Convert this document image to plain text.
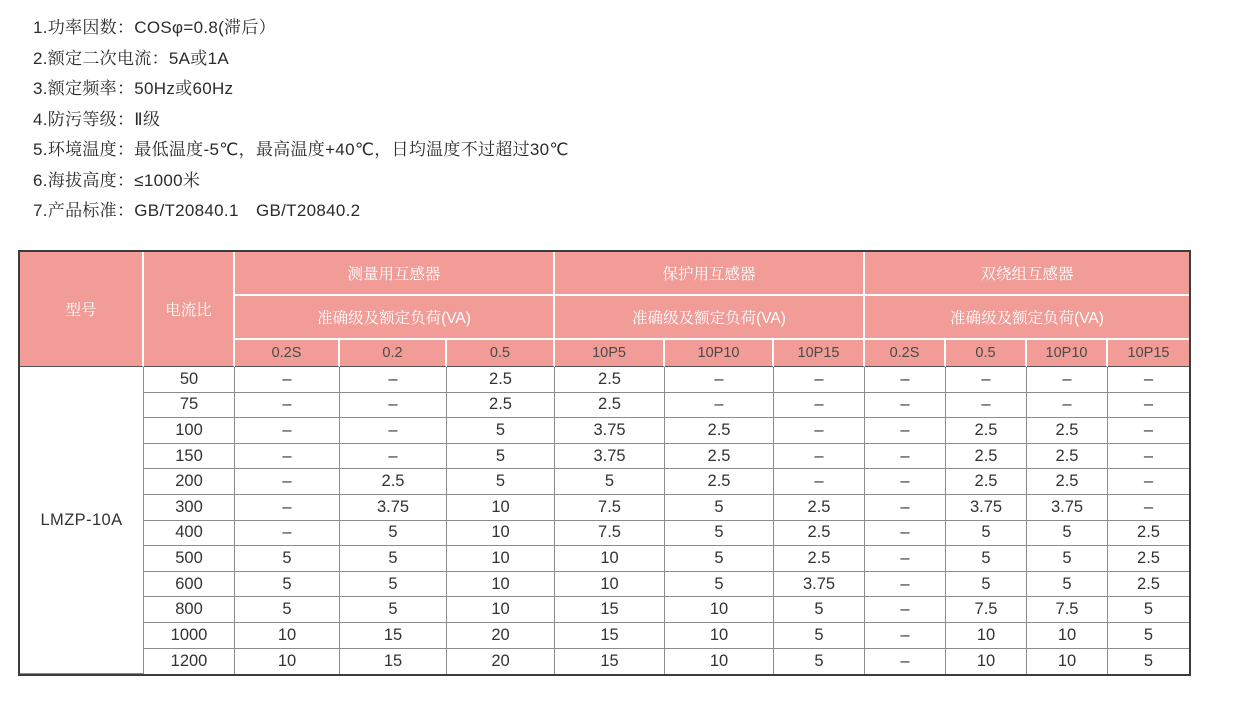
1.功率因数：COSφ=0.8(滞后）
2.额定二次电流：5A或1A
3.额定频率：50Hz或60Hz
4.防污等级：Ⅱ级
5.环境温度：最低温度-5℃，最高温度+40℃，日均温度不过超过30℃
6.海拔高度：≤1000米
7.产品标准：GB/T20840.1　GB/T20840.2
型号	电流比	测量用互感器			保护用互感器			双绕组互感器			
		准确级及额定负荷(VA)			准确级及额定负荷(VA)			准确级及额定负荷(VA)			
		0.2S	0.2	0.5	10P5	10P10	10P15	0.2S	0.5	10P10	10P15
LMZP-10A	50	–	–	2.5	2.5	–	–	–	–	–	–
	75	–	–	2.5	2.5	–	–	–	–	–	–
	100	–	–	5	3.75	2.5	–	–	2.5	2.5	–
	150	–	–	5	3.75	2.5	–	–	2.5	2.5	–
	200	–	2.5	5	5	2.5	–	–	2.5	2.5	–
	300	–	3.75	10	7.5	5	2.5	–	3.75	3.75	–
	400	–	5	10	7.5	5	2.5	–	5	5	2.5
	500	5	5	10	10	5	2.5	–	5	5	2.5
	600	5	5	10	10	5	3.75	–	5	5	2.5
	800	5	5	10	15	10	5	–	7.5	7.5	5
	1000	10	15	20	15	10	5	–	10	10	5
	1200	10	15	20	15	10	5	–	10	10	5
